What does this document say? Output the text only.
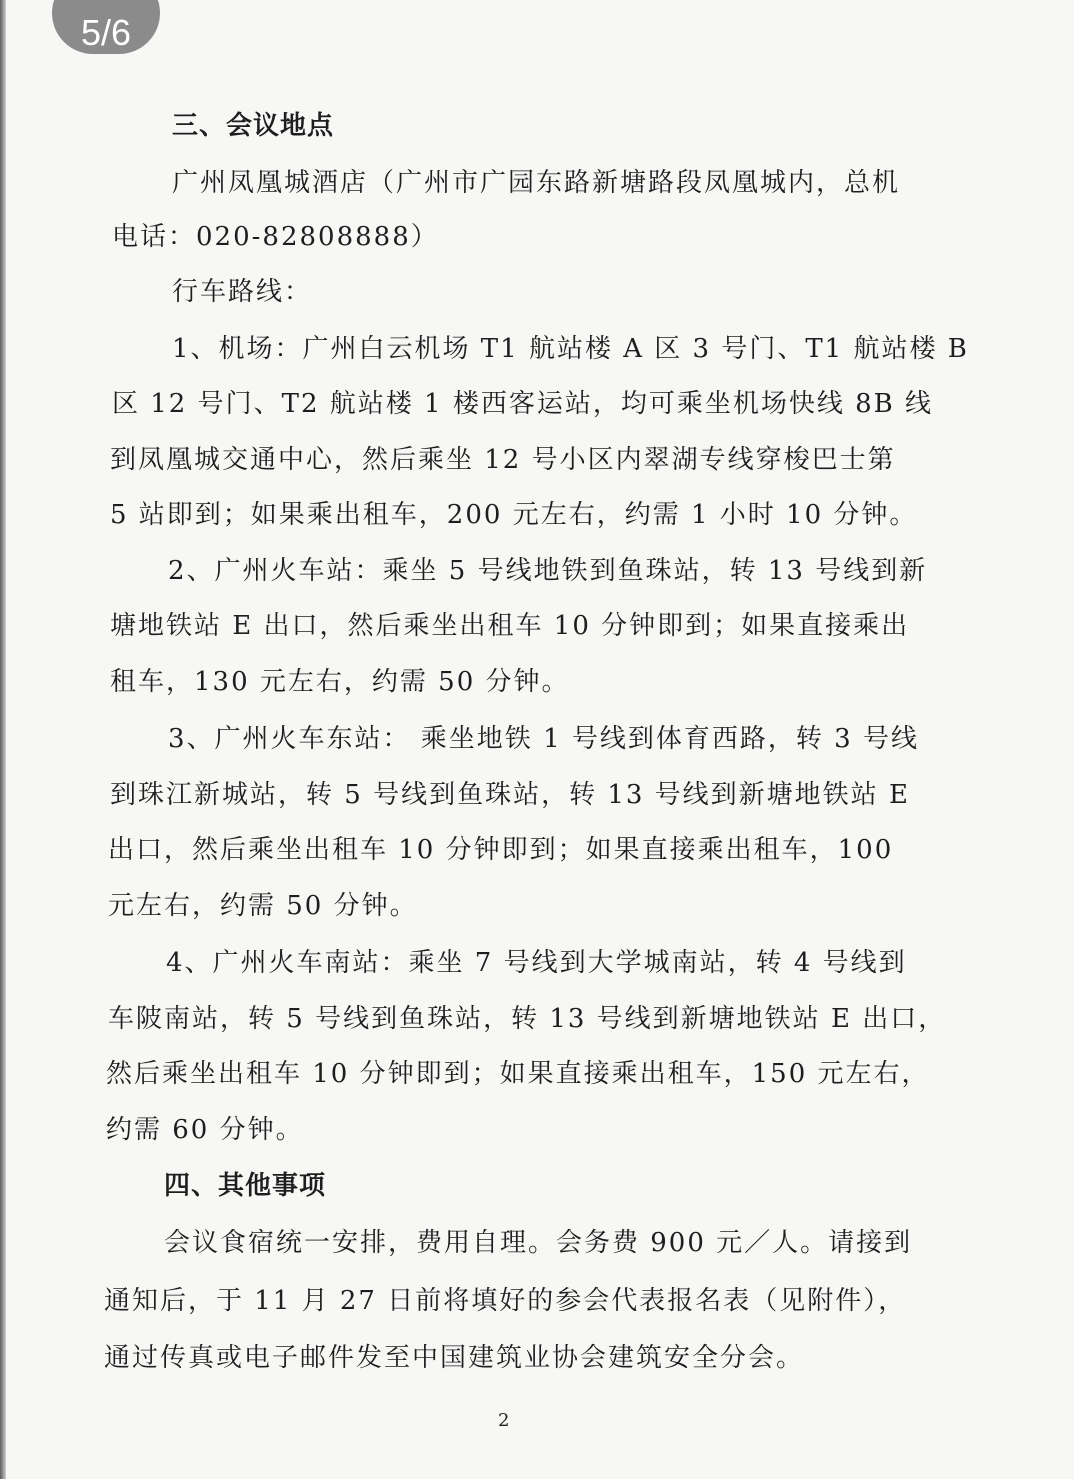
5/6
三、会议地点
广州凤凰城酒店（广州市广园东路新塘路段凤凰城内，总机
电话：020-82808888）
行车路线：
1、机场：广州白云机场 T1 航站楼 A 区 3 号门、T1 航站楼 B
区 12 号门、T2 航站楼 1 楼西客运站，均可乘坐机场快线 8B 线
到凤凰城交通中心，然后乘坐 12 号小区内翠湖专线穿梭巴士第
5 站即到；如果乘出租车，200 元左右，约需 1 小时 10 分钟。
2、广州火车站：乘坐 5 号线地铁到鱼珠站，转 13 号线到新
塘地铁站 E 出口，然后乘坐出租车 10 分钟即到；如果直接乘出
租车，130 元左右，约需 50 分钟。
3、广州火车东站： 乘坐地铁 1 号线到体育西路，转 3 号线
到珠江新城站，转 5 号线到鱼珠站，转 13 号线到新塘地铁站 E
出口，然后乘坐出租车 10 分钟即到；如果直接乘出租车，100
元左右，约需 50 分钟。
4、广州火车南站：乘坐 7 号线到大学城南站，转 4 号线到
车陂南站，转 5 号线到鱼珠站，转 13 号线到新塘地铁站 E 出口，
然后乘坐出租车 10 分钟即到；如果直接乘出租车，150 元左右，
约需 60 分钟。
四、其他事项
会议食宿统一安排，费用自理。会务费 900 元／人。请接到
通知后，于 11 月 27 日前将填好的参会代表报名表（见附件），
通过传真或电子邮件发至中国建筑业协会建筑安全分会。
2
